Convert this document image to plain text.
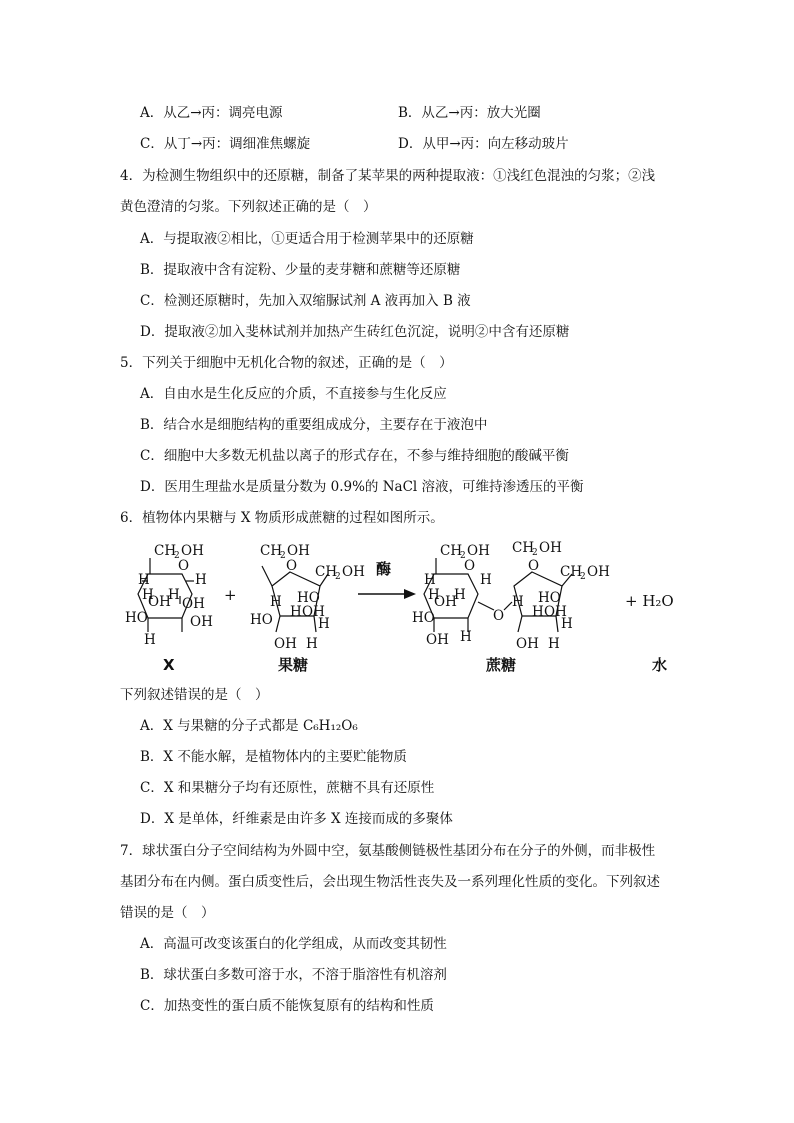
A．从乙→丙：调亮电源	B．从乙→丙：放大光圈
C．从丁→丙：调细准焦螺旋	D．从甲→丙：向左移动玻片
4．为检测生物组织中的还原糖，制备了某苹果的两种提取液：①浅红色混浊的匀浆；②浅
黄色澄清的匀浆。下列叙述正确的是（　）
A．与提取液②相比，①更适合用于检测苹果中的还原糖
B．提取液中含有淀粉、少量的麦芽糖和蔗糖等还原糖
C．检测还原糖时，先加入双缩脲试剂 A 液再加入 B 液
D．提取液②加入斐林试剂并加热产生砖红色沉淀，说明②中含有还原糖
5．下列关于细胞中无机化合物的叙述，正确的是（　）
A．自由水是生化反应的介质，不直接参与生化反应
B．结合水是细胞结构的重要组成成分，主要存在于液泡中
C．细胞中大多数无机盐以离子的形式存在，不参与维持细胞的酸碱平衡
D．医用生理盐水是质量分数为 0.9%的 NaCl 溶液，可维持渗透压的平衡
6．植物体内果糖与 X 物质形成蔗糖的过程如图所示。
CH
2 OH
O
H	H
H H
OH OH
HO	OH
H
X
+
CH
2 OH
O CH
2 OH
H HO
H OH
HO	H
OH H
果糖
酶
CH
2 OH
O
H	H
H H
OH
HO
H
OH
O
CH
2 OH
O CH
2 OH
H HO
H OH
H
OH H
蔗糖
+ H₂O
水
下列叙述错误的是（　）
A．X 与果糖的分子式都是 C₆H₁₂O₆
B．X 不能水解，是植物体内的主要贮能物质
C．X 和果糖分子均有还原性，蔗糖不具有还原性
D．X 是单体，纤维素是由许多 X 连接而成的多聚体
7．球状蛋白分子空间结构为外圆中空，氨基酸侧链极性基团分布在分子的外侧，而非极性
基团分布在内侧。蛋白质变性后，会出现生物活性丧失及一系列理化性质的变化。下列叙述
错误的是（　）
A．高温可改变该蛋白的化学组成，从而改变其韧性
B．球状蛋白多数可溶于水，不溶于脂溶性有机溶剂
C．加热变性的蛋白质不能恢复原有的结构和性质
